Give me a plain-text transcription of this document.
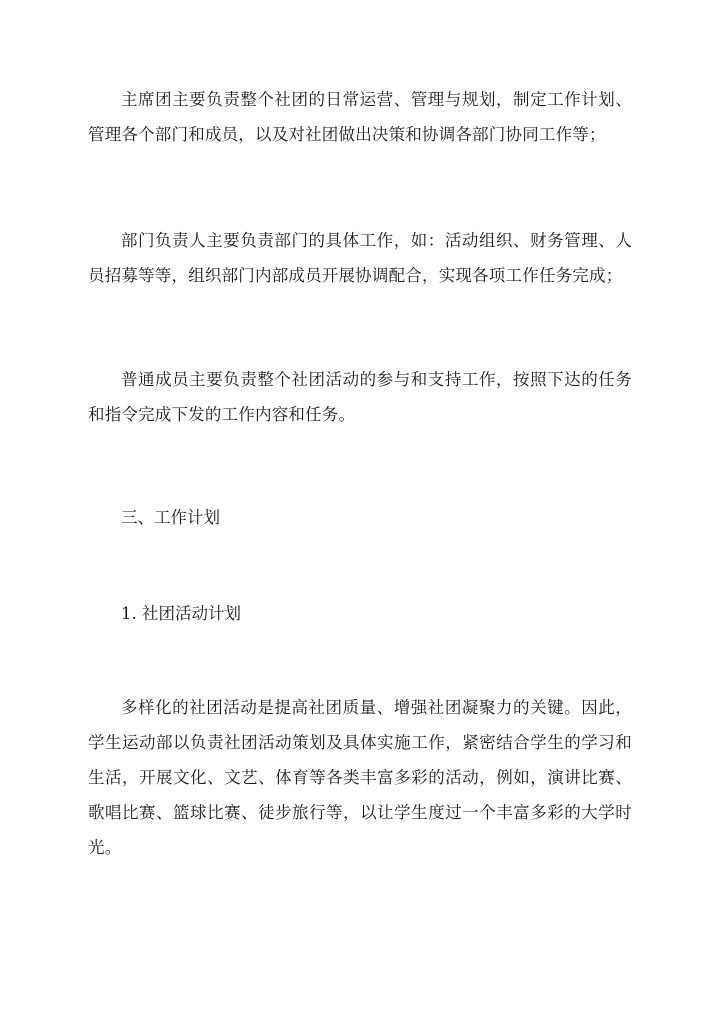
主席团主要负责整个社团的日常运营、管理与规划，制定工作计划、管理各个部门和成员，以及对社团做出决策和协调各部门协同工作等；

部门负责人主要负责部门的具体工作，如：活动组织、财务管理、人员招募等等，组织部门内部成员开展协调配合，实现各项工作任务完成；

普通成员主要负责整个社团活动的参与和支持工作，按照下达的任务和指令完成下发的工作内容和任务。

三、工作计划

1. 社团活动计划

多样化的社团活动是提高社团质量、增强社团凝聚力的关键。因此，学生运动部以负责社团活动策划及具体实施工作，紧密结合学生的学习和生活，开展文化、文艺、体育等各类丰富多彩的活动，例如，演讲比赛、歌唱比赛、篮球比赛、徒步旅行等，以让学生度过一个丰富多彩的大学时光。
